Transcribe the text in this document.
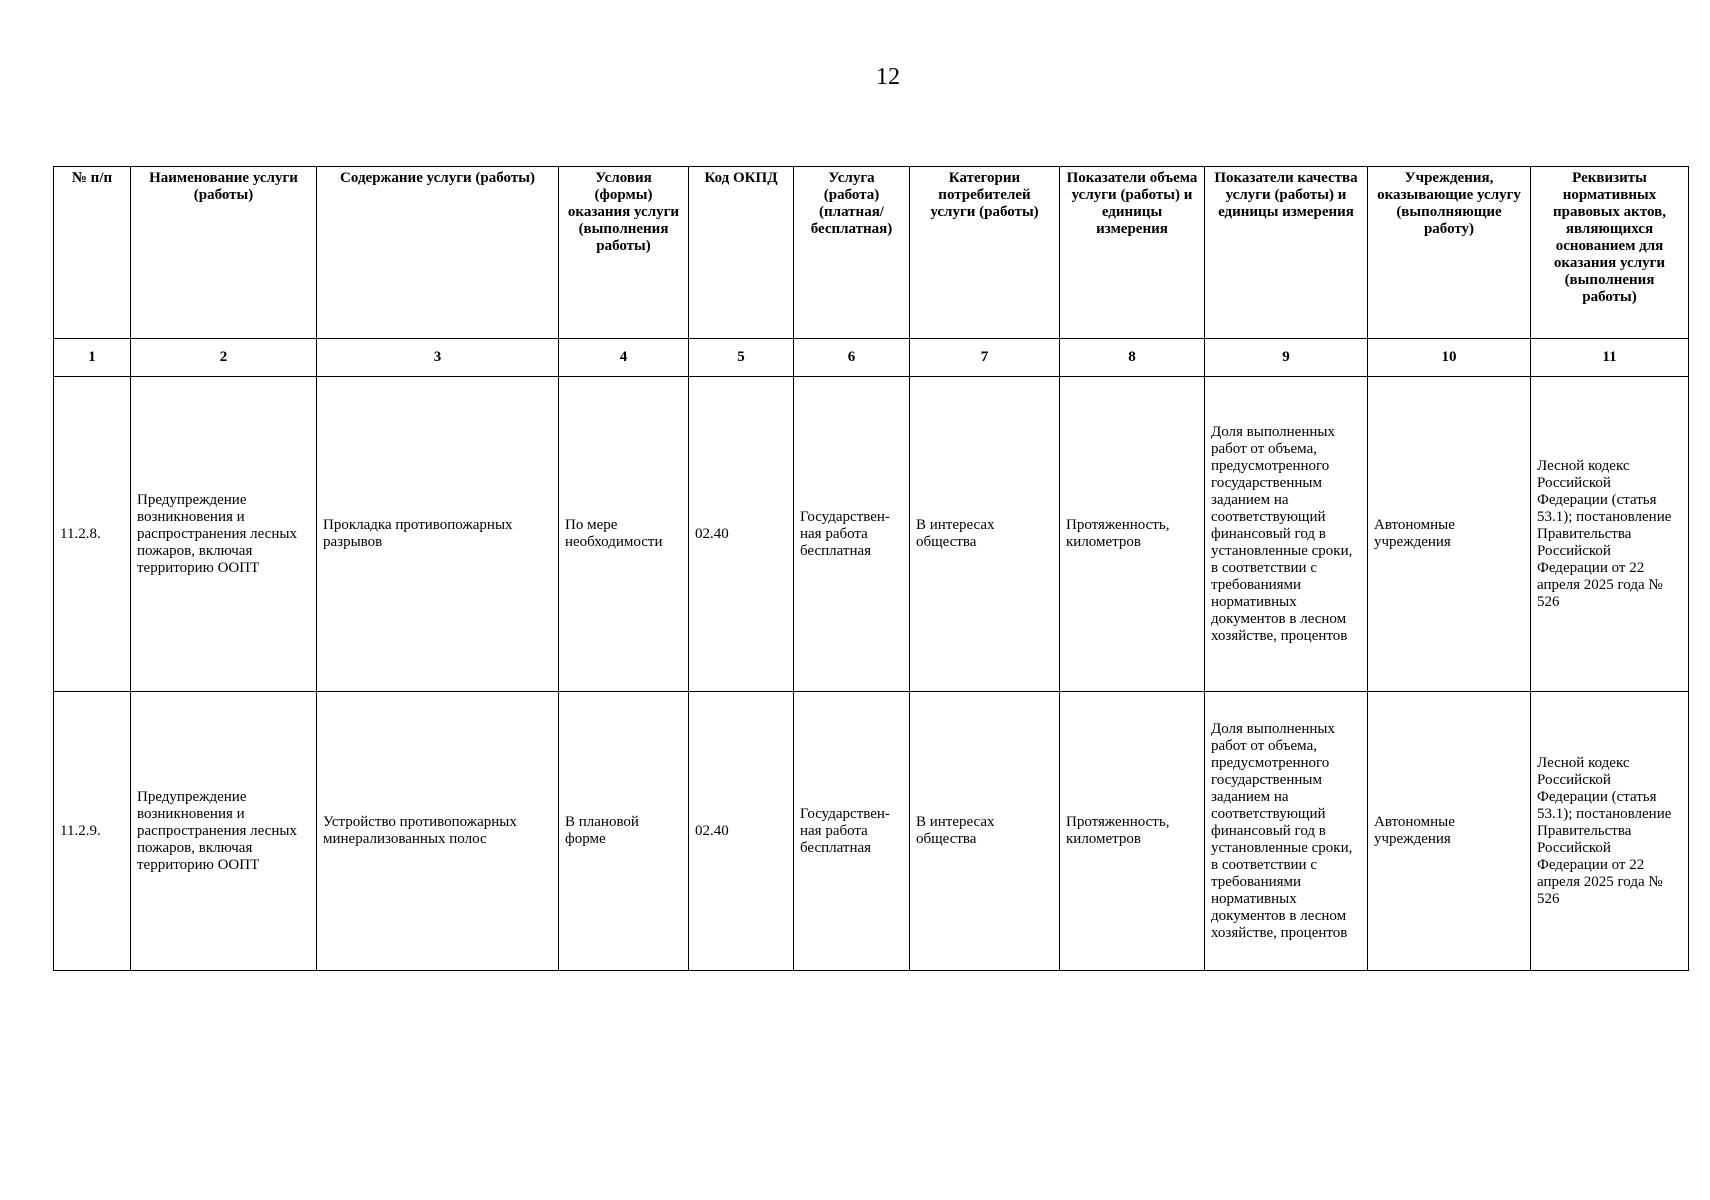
12
№ п/п	Наименование услуги (работы)	Содержание услуги (работы)	Условия (формы) оказания услуги (выполнения работы)	Код ОКПД	Услуга (работа) (платная/ бесплатная)	Категории потребителей услуги (работы)	Показатели объема услуги (работы) и единицы измерения	Показатели качества услуги (работы) и единицы измерения	Учреждения, оказывающие услугу (выполняющие работу)	Реквизиты нормативных правовых актов, являющихся основанием для оказания услуги (выполнения работы)
1	2	3	4	5	6	7	8	9	10	11
11.2.8.	Предупреждение возникновения и распространения лесных пожаров, включая территорию ООПТ	Прокладка противопожарных разрывов	По мере необходимости	02.40	Государствен-ная работа бесплатная	В интересах общества	Протяженность, километров	Доля выполненных работ от объема, предусмотренного государственным заданием на соответствующий финансовый год в установленные сроки, в соответствии с требованиями нормативных документов в лесном хозяйстве, процентов	Автономные учреждения	Лесной кодекс Российской Федерации (статья 53.1); постановление Правительства Российской Федерации от 22 апреля 2025 года № 526
11.2.9.	Предупреждение возникновения и распространения лесных пожаров, включая территорию ООПТ	Устройство противопожарных минерализованных полос	В плановой форме	02.40	Государствен-ная работа бесплатная	В интересах общества	Протяженность, километров	Доля выполненных работ от объема, предусмотренного государственным заданием на соответствующий финансовый год в установленные сроки, в соответствии с требованиями нормативных документов в лесном хозяйстве, процентов	Автономные учреждения	Лесной кодекс Российской Федерации (статья 53.1); постановление Правительства Российской Федерации от 22 апреля 2025 года № 526
